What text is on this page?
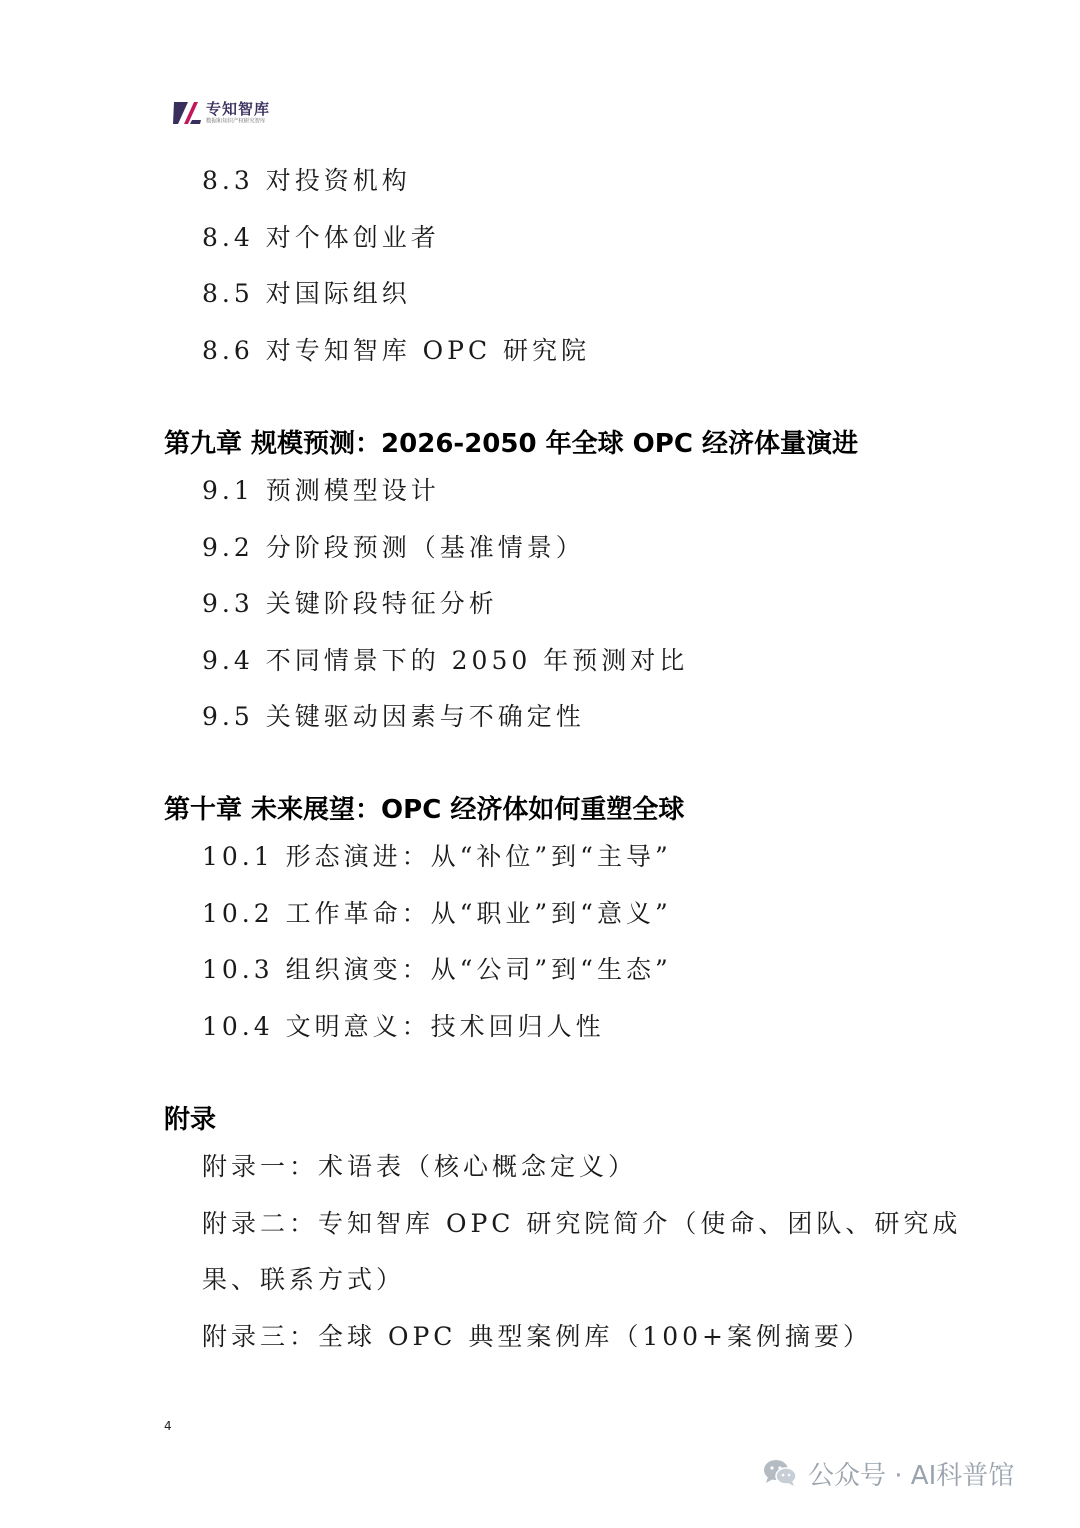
专知智库
数据和知识产权研究智库
8.3 对投资机构
8.4 对个体创业者
8.5 对国际组织
8.6 对专知智库 OPC 研究院
第九章 规模预测：2026-2050 年全球 OPC 经济体量演进
9.1 预测模型设计
9.2 分阶段预测（基准情景）
9.3 关键阶段特征分析
9.4 不同情景下的 2050 年预测对比
9.5 关键驱动因素与不确定性
第十章 未来展望：OPC 经济体如何重塑全球
10.1 形态演进：从“补位”到“主导”
10.2 工作革命：从“职业”到“意义”
10.3 组织演变：从“公司”到“生态”
10.4 文明意义：技术回归人性
附录
附录一：术语表（核心概念定义）
附录二：专知智库 OPC 研究院简介（使命、团队、研究成
果、联系方式）
附录三：全球 OPC 典型案例库（100+案例摘要）
4
公众号 · AI科普馆
